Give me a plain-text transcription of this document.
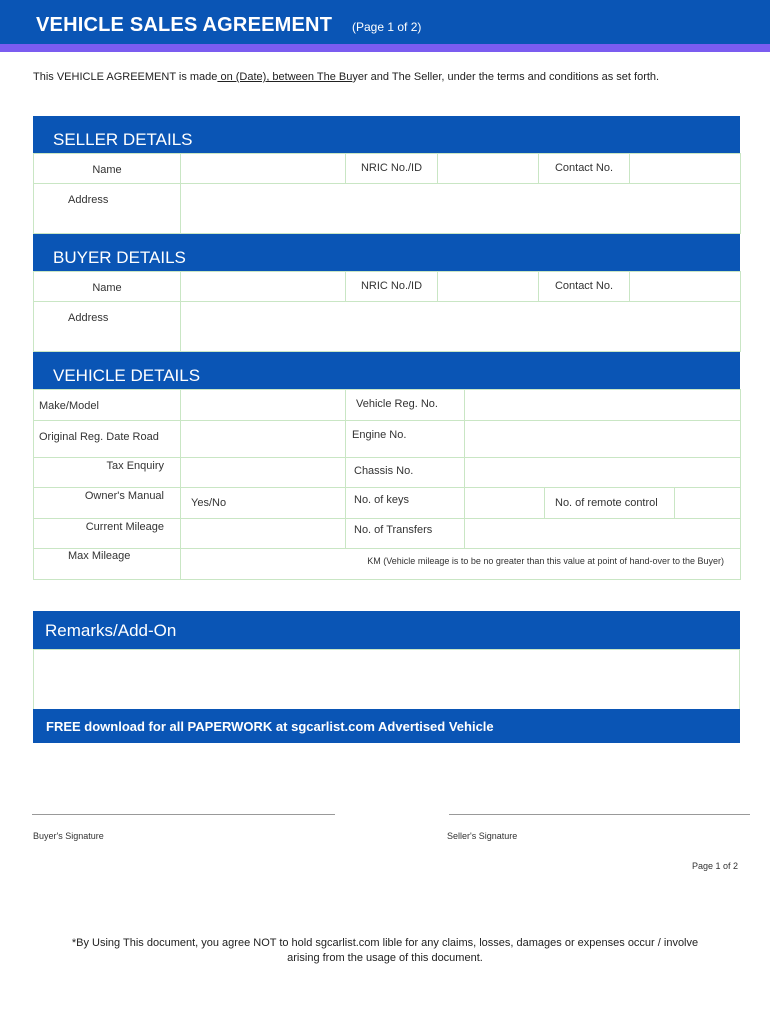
VEHICLE SALES AGREEMENT (Page 1 of 2)
This VEHICLE AGREEMENT is made on (Date), between The Buyer and The Seller, under the terms and conditions as set forth.
SELLER DETAILS
Name		NRIC No./ID		Contact No.	
Address					
BUYER DETAILS
Name		NRIC No./ID		Contact No.	
Address					
VEHICLE DETAILS
Make/Model		Vehicle Reg. No.			
Original Reg. Date Road		Engine No.			
Tax Enquiry		Chassis No.			
Owner's Manual	Yes/No	No. of keys		No. of remote control	
Current Mileage		No. of Transfers			
Max Mileage	KM (Vehicle mileage is to be no greater than this value at point of hand-over to the Buyer)				
Remarks/Add-On
FREE download for all PAPERWORK at sgcarlist.com Advertised Vehicle
Buyer's Signature	Seller's Signature
Page 1 of 2
*By Using This document, you agree NOT to hold sgcarlist.com lible for any claims, losses, damages or expenses occur / involve
arising from the usage of this document.
